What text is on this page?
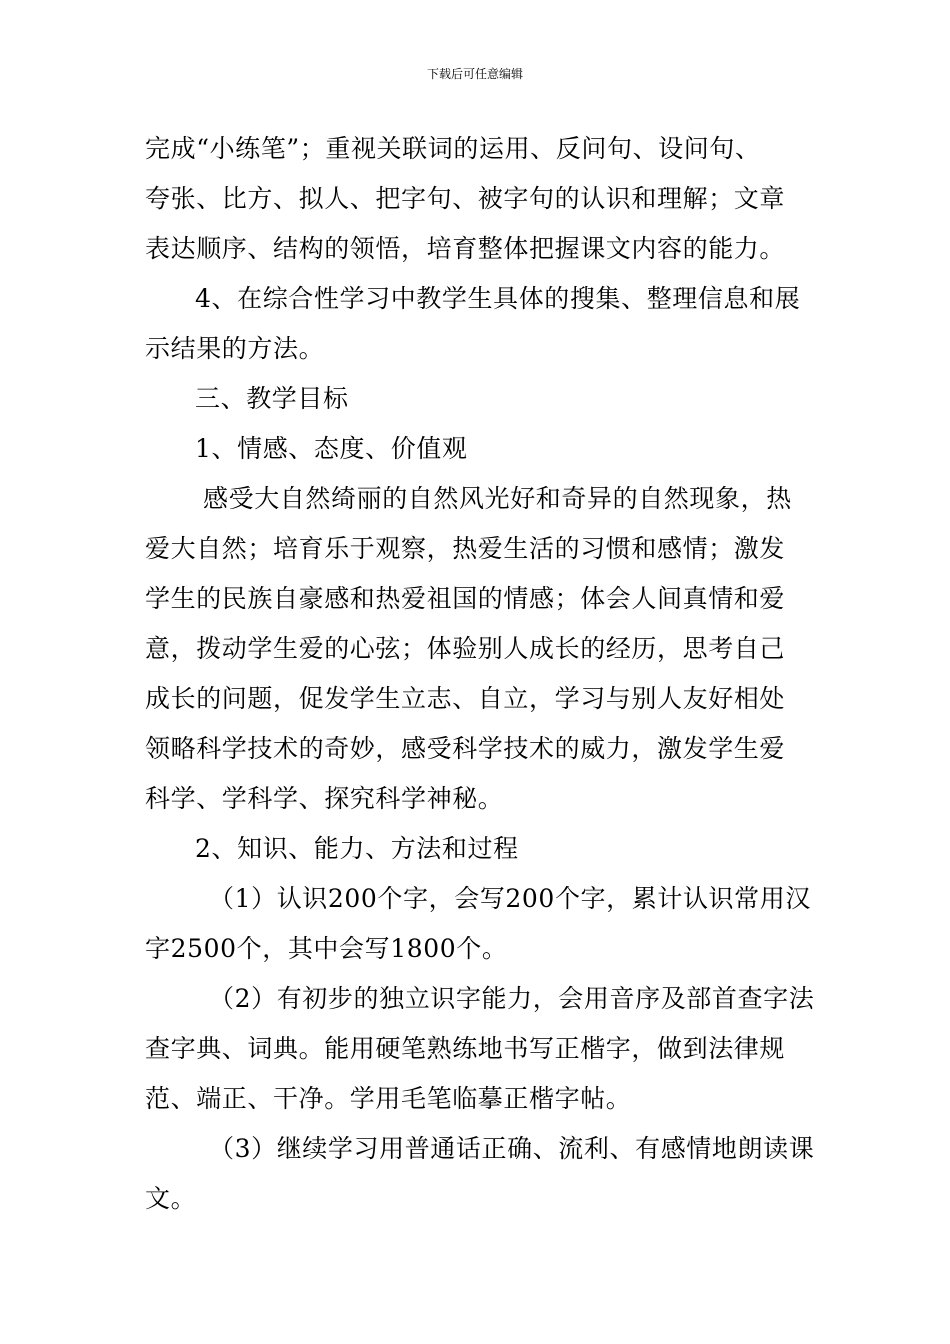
下载后可任意编辑
完成“小练笔”；重视关联词的运用、反问句、设问句、
夸张、比方、拟人、把字句、被字句的认识和理解；文章
表达顺序、结构的领悟，培育整体把握课文内容的能力。
4、在综合性学习中教学生具体的搜集、整理信息和展
示结果的方法。
三、教学目标
1、情感、态度、价值观
感受大自然绮丽的自然风光好和奇异的自然现象，热
爱大自然；培育乐于观察，热爱生活的习惯和感情；激发
学生的民族自豪感和热爱祖国的情感；体会人间真情和爱
意，拨动学生爱的心弦；体验别人成长的经历，思考自己
成长的问题，促发学生立志、自立，学习与别人友好相处
领略科学技术的奇妙，感受科学技术的威力，激发学生爱
科学、学科学、探究科学神秘。
2、知识、能力、方法和过程
（1）认识200个字，会写200个字，累计认识常用汉
字2500个，其中会写1800个。
（2）有初步的独立识字能力，会用音序及部首查字法
查字典、词典。能用硬笔熟练地书写正楷字，做到法律规
范、端正、干净。学用毛笔临摹正楷字帖。
（3）继续学习用普通话正确、流利、有感情地朗读课
文。
